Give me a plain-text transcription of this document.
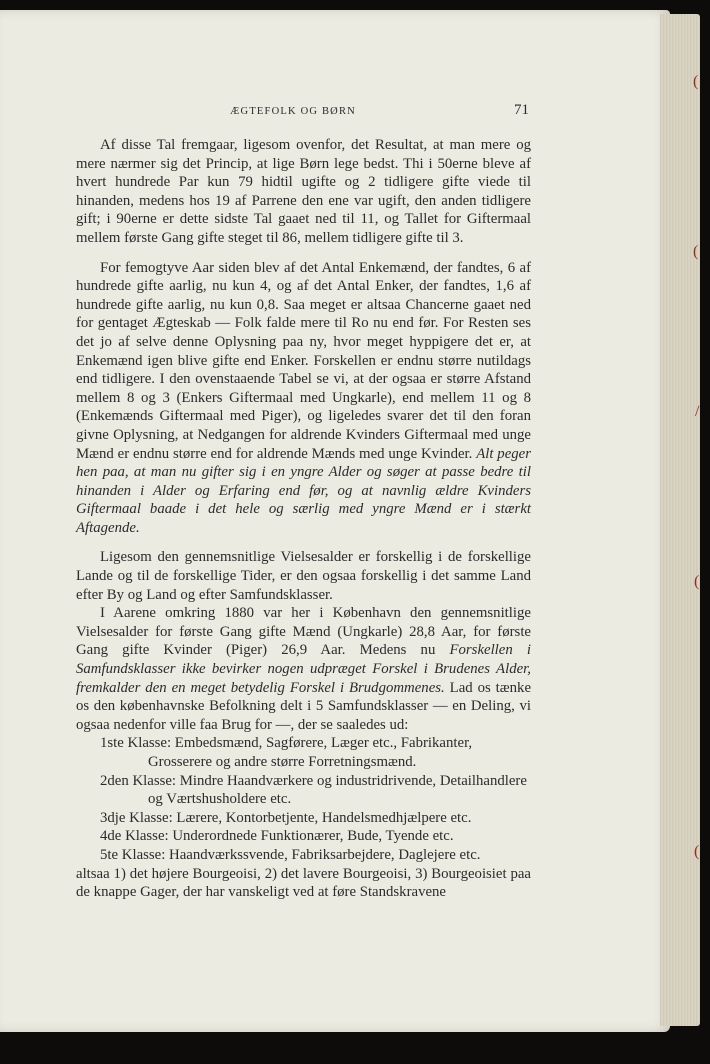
ÆGTEFOLK OG BØRN	71

Af disse Tal fremgaar, ligesom ovenfor, det Resultat, at man mere og mere nærmer sig det Princip, at lige Børn lege bedst. Thi i 50erne bleve af hvert hundrede Par kun 79 hidtil ugifte og 2 tidligere gifte viede til hinanden, medens hos 19 af Parrene den ene var ugift, den anden tidligere gift; i 90erne er dette sidste Tal gaaet ned til 11, og Tallet for Giftermaal mellem første Gang gifte steget til 86, mellem tidligere gifte til 3.

For femogtyve Aar siden blev af det Antal Enkemænd, der fandtes, 6 af hundrede gifte aarlig, nu kun 4, og af det Antal Enker, der fandtes, 1,6 af hundrede gifte aarlig, nu kun 0,8. Saa meget er altsaa Chancerne gaaet ned for gentaget Ægteskab — Folk falde mere til Ro nu end før. For Resten ses det jo af selve denne Oplysning paa ny, hvor meget hyppigere det er, at Enkemænd igen blive gifte end Enker. Forskellen er endnu større nutildags end tidligere. I den ovenstaaende Tabel se vi, at der ogsaa er større Afstand mellem 8 og 3 (Enkers Giftermaal med Ungkarle), end mellem 11 og 8 (Enkemænds Giftermaal med Piger), og ligeledes svarer det til den foran givne Oplysning, at Nedgangen for aldrende Kvinders Giftermaal med unge Mænd er endnu større end for aldrende Mænds med unge Kvinder. Alt peger hen paa, at man nu gifter sig i en yngre Alder og søger at passe bedre til hinanden i Alder og Erfaring end før, og at navnlig ældre Kvinders Giftermaal baade i det hele og særlig med yngre Mænd er i stærkt Aftagende.

Ligesom den gennemsnitlige Vielsesalder er forskellig i de forskellige Lande og til de forskellige Tider, er den ogsaa forskellig i det samme Land efter By og Land og efter Samfundsklasser.

I Aarene omkring 1880 var her i København den gennemsnitlige Vielsesalder for første Gang gifte Mænd (Ungkarle) 28,8 Aar, for første Gang gifte Kvinder (Piger) 26,9 Aar. Medens nu Forskellen i Samfundsklasser ikke bevirker nogen udpræget Forskel i Brudenes Alder, fremkalder den en meget betydelig Forskel i Brudgommenes. Lad os tænke os den københavnske Befolkning delt i 5 Samfundsklasser — en Deling, vi ogsaa nedenfor ville faa Brug for —, der se saaledes ud:

1ste Klasse: Embedsmænd, Sagførere, Læger etc., Fabrikanter, Grosserere og andre større Forretningsmænd.
2den Klasse: Mindre Haandværkere og industridrivende, Detailhandlere og Værtshusholdere etc.
3dje Klasse: Lærere, Kontorbetjente, Handelsmedhjælpere etc.
4de Klasse: Underordnede Funktionærer, Bude, Tyende etc.
5te Klasse: Haandværkssvende, Fabriksarbejdere, Daglejere etc.

altsaa 1) det højere Bourgeoisi, 2) det lavere Bourgeoisi, 3) Bourgeoisiet paa de knappe Gager, der har vanskeligt ved at føre Standskravene

(
(
/
(
(
